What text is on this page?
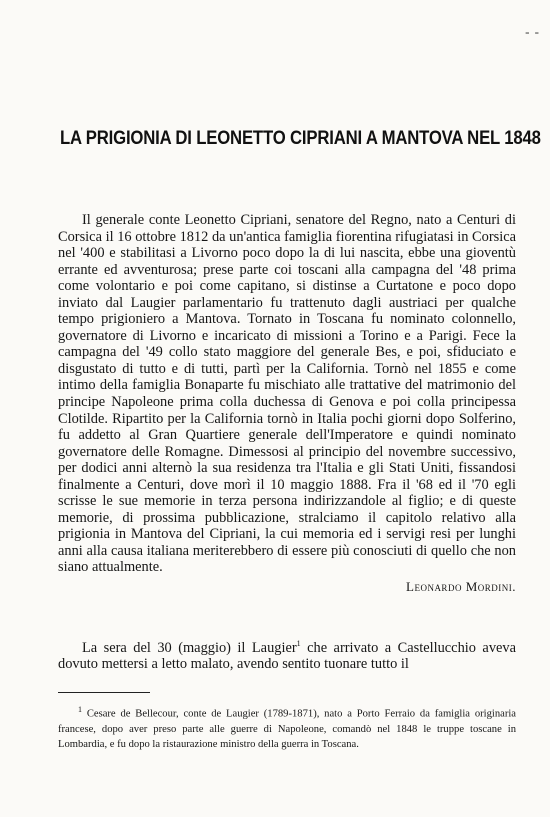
- -
LA PRIGIONIA DI LEONETTO CIPRIANI A MANTOVA NEL 1848

Il generale conte Leonetto Cipriani, senatore del Regno, nato a Centuri di Corsica il 16 ottobre 1812 da un'antica famiglia fiorentina rifugiatasi in Corsica nel '400 e stabilitasi a Livorno poco dopo la di lui nascita, ebbe una gioventù errante ed avventurosa; prese parte coi toscani alla campagna del '48 prima come volontario e poi come capitano, si distinse a Curtatone e poco dopo inviato dal Laugier parlamentario fu trattenuto dagli austriaci per qualche tempo prigioniero a Mantova. Tornato in Toscana fu nominato colonnello, governatore di Livorno e incaricato di missioni a Torino e a Parigi. Fece la campagna del '49 collo stato maggiore del generale Bes, e poi, sfiduciato e disgustato di tutto e di tutti, partì per la California. Tornò nel 1855 e come intimo della famiglia Bonaparte fu mischiato alle trattative del matrimonio del principe Napoleone prima colla duchessa di Genova e poi colla principessa Clotilde. Ripartito per la California tornò in Italia pochi giorni dopo Solferino, fu addetto al Gran Quartiere generale dell'Imperatore e quindi nominato governatore delle Romagne. Dimessosi al principio del novembre successivo, per dodici anni alternò la sua residenza tra l'Italia e gli Stati Uniti, fissandosi finalmente a Centuri, dove morì il 10 maggio 1888. Fra il '68 ed il '70 egli scrisse le sue memorie in terza persona indirizzandole al figlio; e di queste memorie, di prossima pubblicazione, stralciamo il capitolo relativo alla prigionia in Mantova del Cipriani, la cui memoria ed i servigi resi per lunghi anni alla causa italiana meriterebbero di essere più conosciuti di quello che non siano attualmente.

Leonardo Mordini.

La sera del 30 (maggio) il Laugier$^1$ che arrivato a Castellucchio aveva dovuto mettersi a letto malato, avendo sentito tuonare tutto il

$^1$ Cesare de Bellecour, conte de Laugier (1789-1871), nato a Porto Ferraio da famiglia originaria francese, dopo aver preso parte alle guerre di Napoleone, comandò nel 1848 le truppe toscane in Lombardia, e fu dopo la ristaurazione ministro della guerra in Toscana.
